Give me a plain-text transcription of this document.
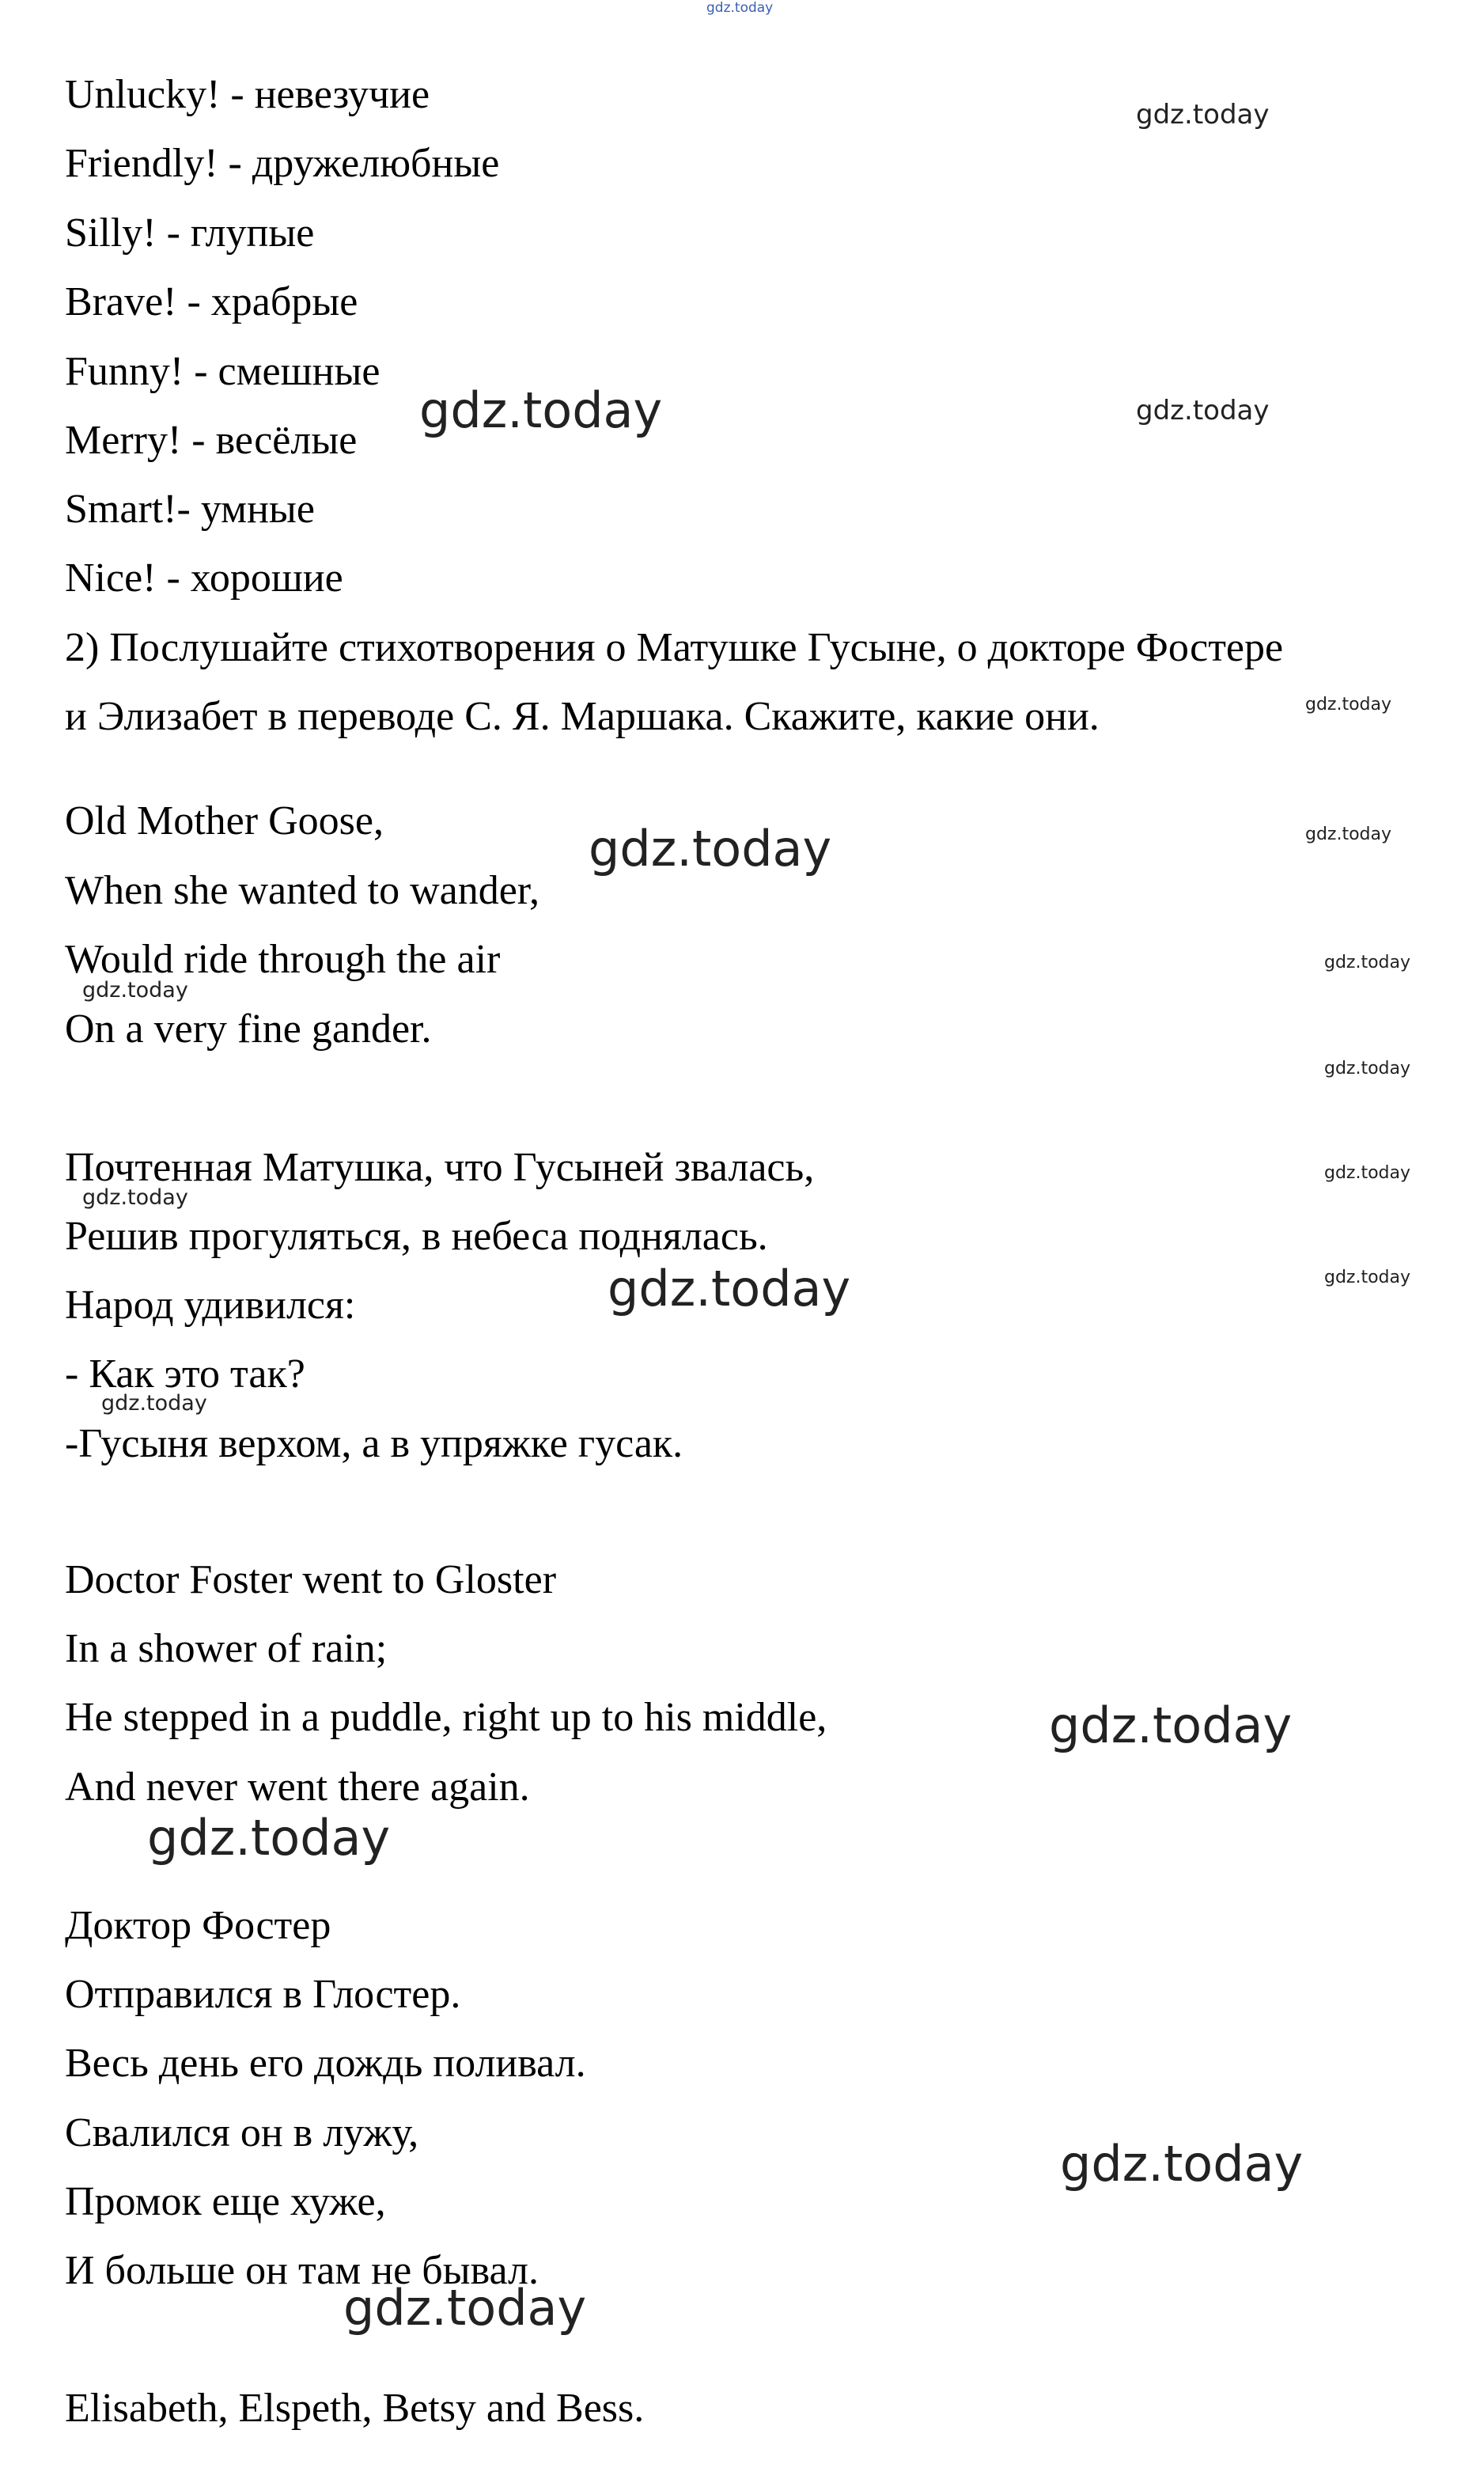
gdz.today
gdz.today
gdz.today	gdz.today
gdz.today
gdz.today	gdz.today
gdz.today
gdz.today
gdz.today
gdz.today
gdz.today
gdz.today	gdz.today
gdz.today
gdz.today
gdz.today
gdz.today
gdz.today

Unlucky! - невезучие

Friendly! - дружелюбные

Silly! - глупые

Brave! - храбрые

Funny! - смешные

Merry! - весёлые

Smart!- умные

Nice! - хорошие

2) Послушайте стихотворения о Матушке Гусыне, о докторе Фостере

и Элизабет в переводе С. Я. Маршака. Скажите, какие они.

Old Mother Goose,

When she wanted to wander,

Would ride through the air

On a very fine gander.

Почтенная Матушка, что Гусыней звалась,

Решив прогуляться, в небеса поднялась.

Народ удивился:

- Как это так?

-Гусыня верхом, а в упряжке гусак.

Doctor Foster went to Gloster

In a shower of rain;

He stepped in a puddle, right up to his middle,

And never went there again.

Доктор Фостер

Отправился в Глостер.

Весь день его дождь поливал.

Свалился он в лужу,

Промок еще хуже,

И больше он там не бывал.

Elisabeth, Elspeth, Betsy and Bess.
